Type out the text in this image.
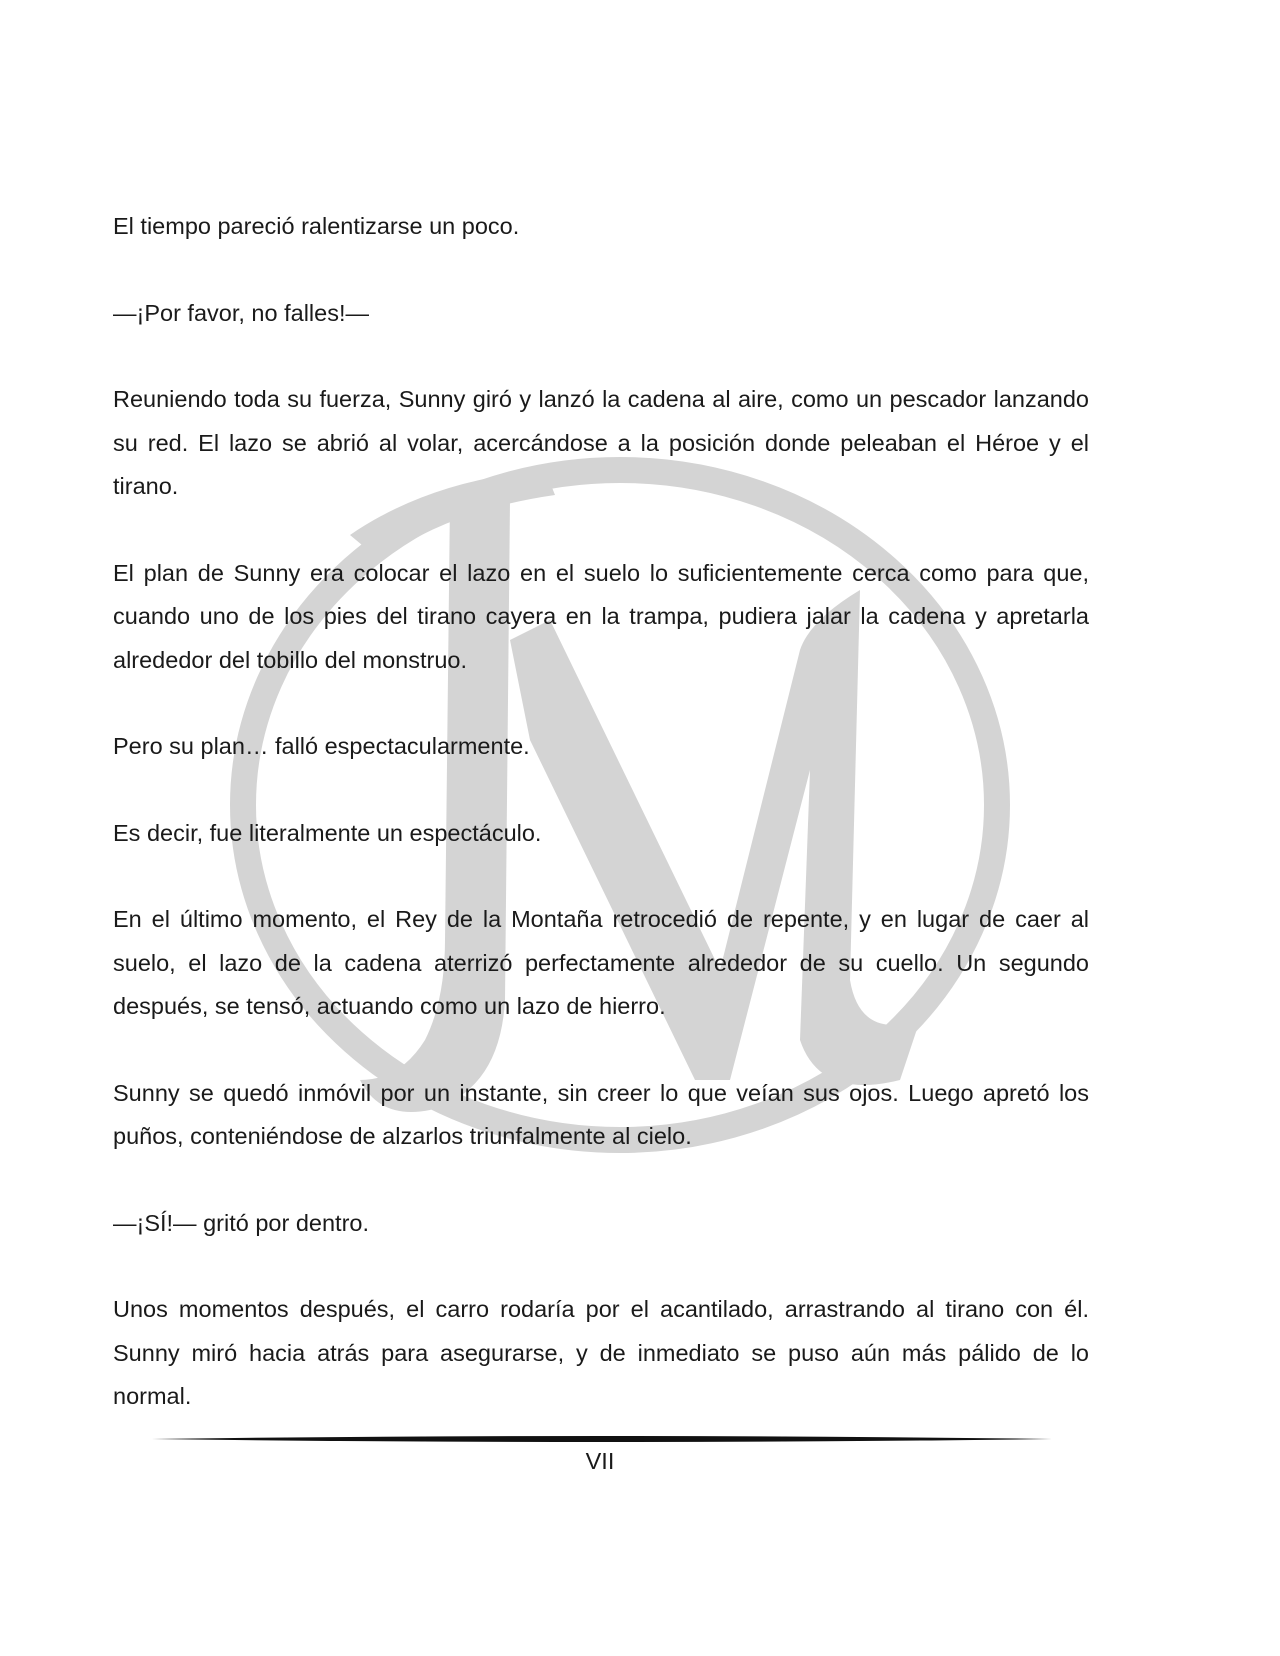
El tiempo pareció ralentizarse un poco.

—¡Por favor, no falles!—

Reuniendo toda su fuerza, Sunny giró y lanzó la cadena al aire, como un pescador lanzando su red. El lazo se abrió al volar, acercándose a la posición donde peleaban el Héroe y el tirano.

El plan de Sunny era colocar el lazo en el suelo lo suficientemente cerca como para que, cuando uno de los pies del tirano cayera en la trampa, pudiera jalar la cadena y apretarla alrededor del tobillo del monstruo.

Pero su plan… falló espectacularmente.

Es decir, fue literalmente un espectáculo.

En el último momento, el Rey de la Montaña retrocedió de repente, y en lugar de caer al suelo, el lazo de la cadena aterrizó perfectamente alrededor de su cuello. Un segundo después, se tensó, actuando como un lazo de hierro.

Sunny se quedó inmóvil por un instante, sin creer lo que veían sus ojos. Luego apretó los puños, conteniéndose de alzarlos triunfalmente al cielo.

—¡SÍ!— gritó por dentro.

Unos momentos después, el carro rodaría por el acantilado, arrastrando al tirano con él. Sunny miró hacia atrás para asegurarse, y de inmediato se puso aún más pálido de lo normal.

VII
